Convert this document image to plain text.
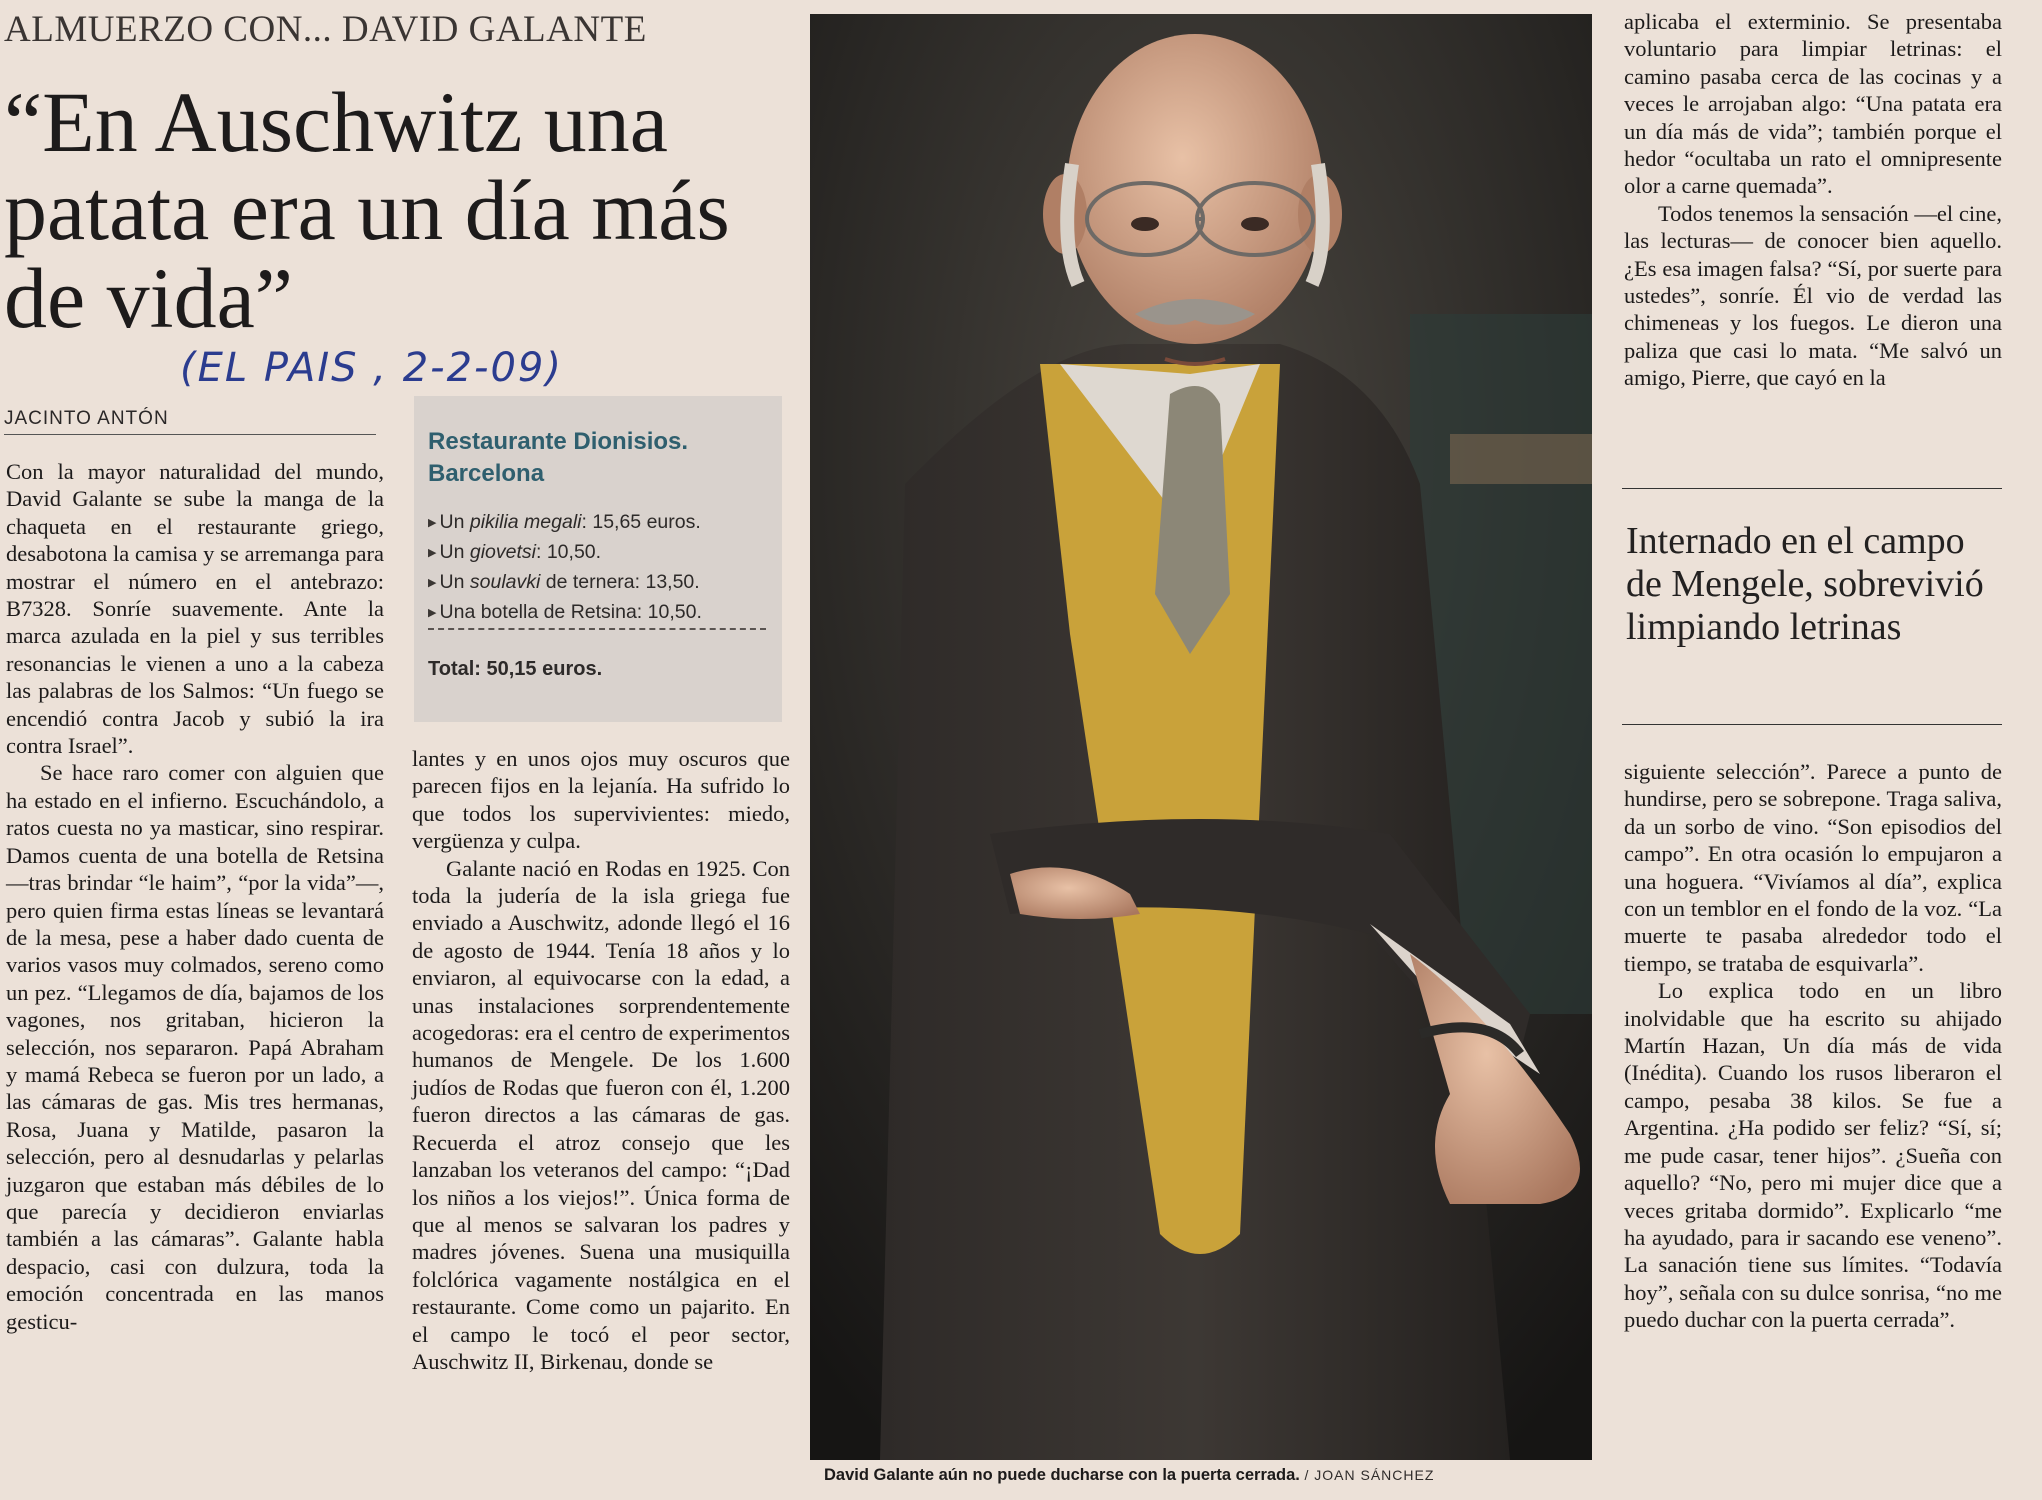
ALMUERZO CON... DAVID GALANTE
“En Auschwitz una patata era un día más de vida”
(EL PAIS , 2-2-09)
JACINTO ANTÓN

Con la mayor naturalidad del mundo, David Galante se sube la manga de la chaqueta en el restaurante griego, desabotona la camisa y se arremanga para mostrar el número en el antebrazo: B7328. Sonríe suavemente. Ante la marca azulada en la piel y sus terribles resonancias le vienen a uno a la cabeza las palabras de los Salmos: “Un fuego se encendió contra Jacob y subió la ira contra Israel”.

Se hace raro comer con alguien que ha estado en el infierno. Escuchándolo, a ratos cuesta no ya masticar, sino respirar. Damos cuenta de una botella de Retsina —tras brindar “le haim”, “por la vida”—, pero quien firma estas líneas se levantará de la mesa, pese a haber dado cuenta de varios vasos muy colmados, sereno como un pez. “Llegamos de día, bajamos de los vagones, nos gritaban, hicieron la selección, nos separaron. Papá Abraham y mamá Rebeca se fueron por un lado, a las cámaras de gas. Mis tres hermanas, Rosa, Juana y Matilde, pasaron la selección, pero al desnudarlas y pelarlas juzgaron que estaban más débiles de lo que parecía y decidieron enviarlas también a las cámaras”. Galante habla despacio, casi con dulzura, toda la emoción concentrada en las manos gesticu-

Restaurante Dionisios. Barcelona
▶ Un pikilia megali: 15,65 euros.
▶ Un giovetsi: 10,50.
▶ Un soulavki de ternera: 13,50.
▶ Una botella de Retsina: 10,50.
Total: 50,15 euros.

lantes y en unos ojos muy oscuros que parecen fijos en la lejanía. Ha sufrido lo que todos los supervivientes: miedo, vergüenza y culpa.

Galante nació en Rodas en 1925. Con toda la judería de la isla griega fue enviado a Auschwitz, adonde llegó el 16 de agosto de 1944. Tenía 18 años y lo enviaron, al equivocarse con la edad, a unas instalaciones sorprendentemente acogedoras: era el centro de experimentos humanos de Mengele. De los 1.600 judíos de Rodas que fueron con él, 1.200 fueron directos a las cámaras de gas. Recuerda el atroz consejo que les lanzaban los veteranos del campo: “¡Dad los niños a los viejos!”. Única forma de que al menos se salvaran los padres y madres jóvenes. Suena una musiquilla folclórica vagamente nostálgica en el restaurante. Come como un pajarito. En el campo le tocó el peor sector, Auschwitz II, Birkenau, donde se

David Galante aún no puede ducharse con la puerta cerrada. / JOAN SÁNCHEZ

aplicaba el exterminio. Se presentaba voluntario para limpiar letrinas: el camino pasaba cerca de las cocinas y a veces le arrojaban algo: “Una patata era un día más de vida”; también porque el hedor “ocultaba un rato el omnipresente olor a carne quemada”.

Todos tenemos la sensación —el cine, las lecturas— de conocer bien aquello. ¿Es esa imagen falsa? “Sí, por suerte para ustedes”, sonríe. Él vio de verdad las chimeneas y los fuegos. Le dieron una paliza que casi lo mata. “Me salvó un amigo, Pierre, que cayó en la

Internado en el campo de Mengele, sobrevivió limpiando letrinas

siguiente selección”. Parece a punto de hundirse, pero se sobrepone. Traga saliva, da un sorbo de vino. “Son episodios del campo”. En otra ocasión lo empujaron a una hoguera. “Vivíamos al día”, explica con un temblor en el fondo de la voz. “La muerte te pasaba alrededor todo el tiempo, se trataba de esquivarla”.

Lo explica todo en un libro inolvidable que ha escrito su ahijado Martín Hazan, Un día más de vida (Inédita). Cuando los rusos liberaron el campo, pesaba 38 kilos. Se fue a Argentina. ¿Ha podido ser feliz? “Sí, sí; me pude casar, tener hijos”. ¿Sueña con aquello? “No, pero mi mujer dice que a veces gritaba dormido”. Explicarlo “me ha ayudado, para ir sacando ese veneno”. La sanación tiene sus límites. “Todavía hoy”, señala con su dulce sonrisa, “no me puedo duchar con la puerta cerrada”.
